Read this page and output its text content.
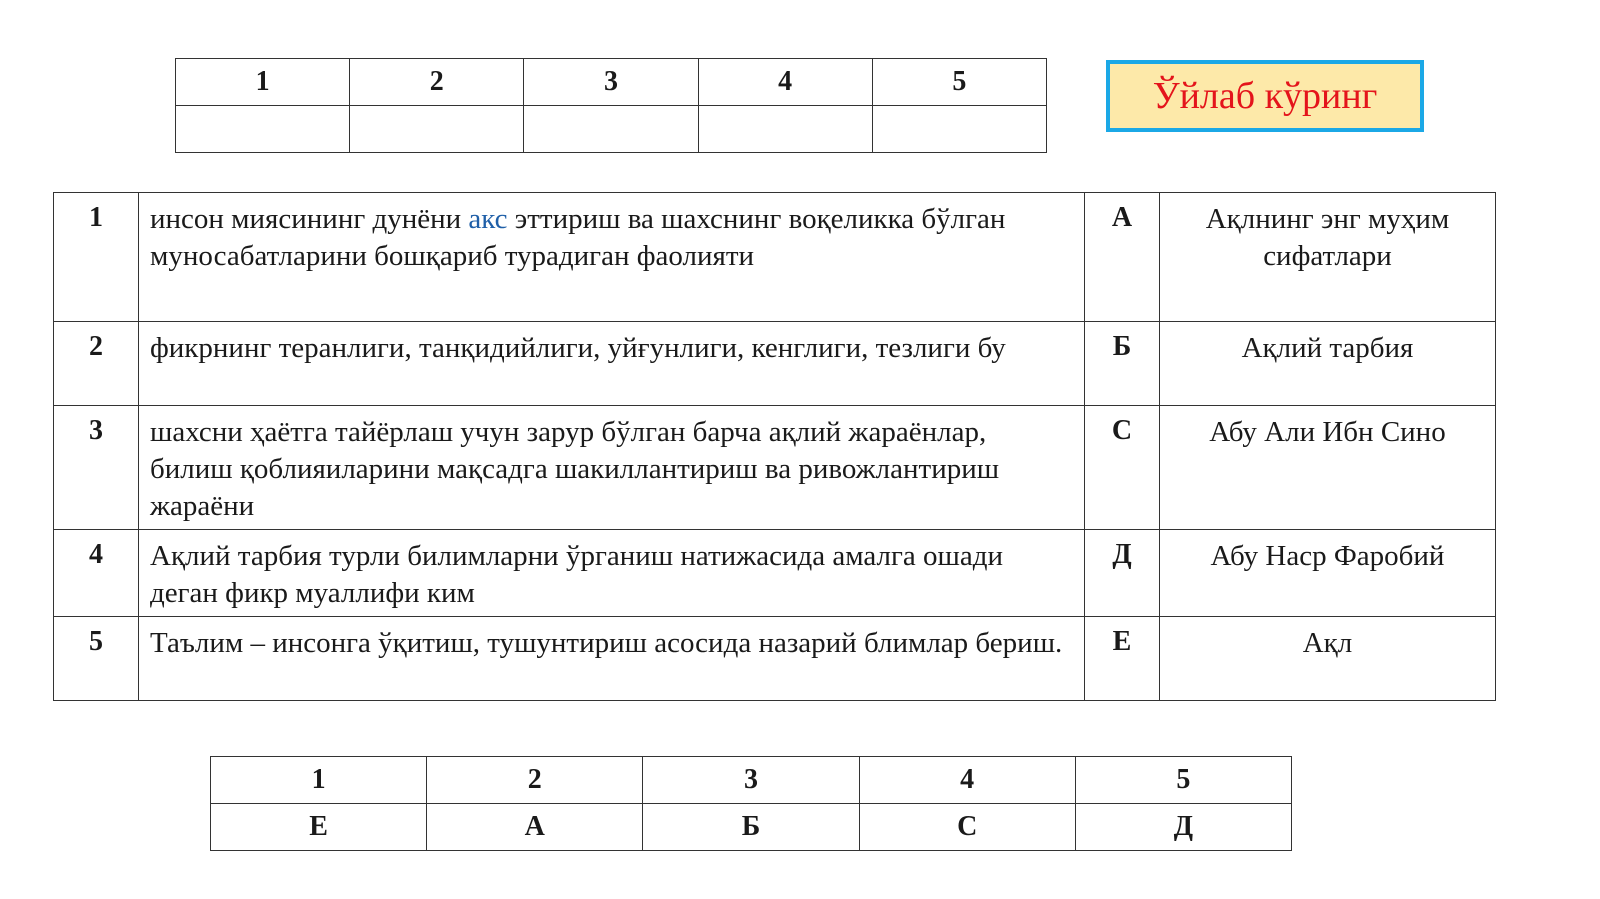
1	2	3	4	5
					Ўйлаб кўринг
1	инсон миясининг дунёни акс эттириш ва шахснинг воқеликка бўлган муносабатларини бошқариб турадиган фаолияти	А	Ақлнинг энг муҳим сифатлари
2	фикрнинг теранлиги, танқидийлиги, уйғунлиги, кенглиги, тезлиги бу	Б	Ақлий тарбия
3	шахсни ҳаётга тайёрлаш учун зарур бўлган барча ақлий жараёнлар, билиш қоблияиларини мақсадга шакиллантириш ва ривожлантириш жараёни	С	Абу Али Ибн Сино
4	Ақлий тарбия турли билимларни ўрганиш натижасида амалга ошади деган фикр муаллифи ким	Д	Абу Наср Фаробий
5	Таълим – инсонга ўқитиш, тушунтириш асосида назарий блимлар бериш.	Е	Ақл
1	2	3	4	5
Е	А	Б	С	Д
